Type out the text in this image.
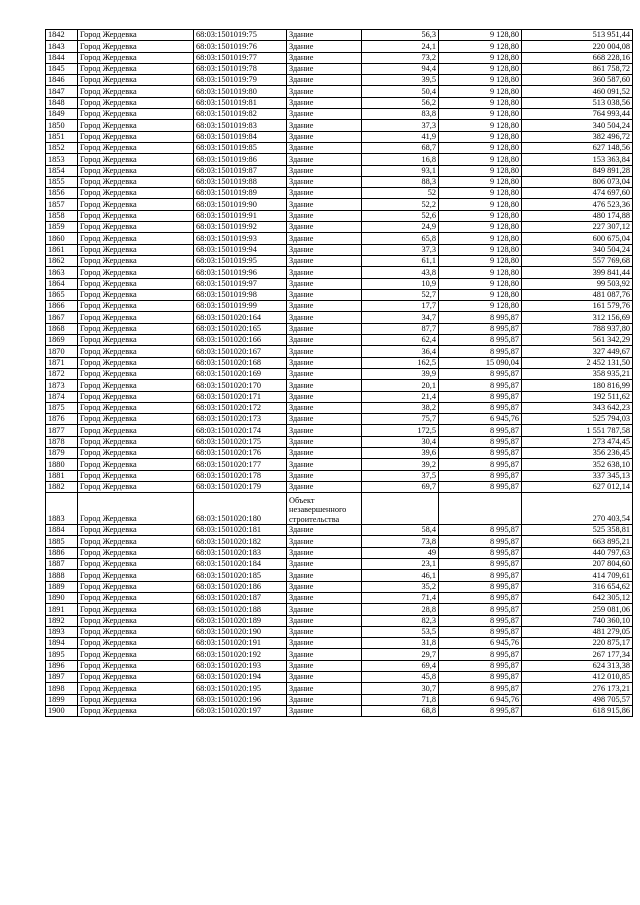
1842	Город Жердевка	68:03:1501019:75	Здание	56,3	9 128,80	513 951,44
1843	Город Жердевка	68:03:1501019:76	Здание	24,1	9 128,80	220 004,08
1844	Город Жердевка	68:03:1501019:77	Здание	73,2	9 128,80	668 228,16
1845	Город Жердевка	68:03:1501019:78	Здание	94,4	9 128,80	861 758,72
1846	Город Жердевка	68:03:1501019:79	Здание	39,5	9 128,80	360 587,60
1847	Город Жердевка	68:03:1501019:80	Здание	50,4	9 128,80	460 091,52
1848	Город Жердевка	68:03:1501019:81	Здание	56,2	9 128,80	513 038,56
1849	Город Жердевка	68:03:1501019:82	Здание	83,8	9 128,80	764 993,44
1850	Город Жердевка	68:03:1501019:83	Здание	37,3	9 128,80	340 504,24
1851	Город Жердевка	68:03:1501019:84	Здание	41,9	9 128,80	382 496,72
1852	Город Жердевка	68:03:1501019:85	Здание	68,7	9 128,80	627 148,56
1853	Город Жердевка	68:03:1501019:86	Здание	16,8	9 128,80	153 363,84
1854	Город Жердевка	68:03:1501019:87	Здание	93,1	9 128,80	849 891,28
1855	Город Жердевка	68:03:1501019:88	Здание	88,3	9 128,80	806 073,04
1856	Город Жердевка	68:03:1501019:89	Здание	52	9 128,80	474 697,60
1857	Город Жердевка	68:03:1501019:90	Здание	52,2	9 128,80	476 523,36
1858	Город Жердевка	68:03:1501019:91	Здание	52,6	9 128,80	480 174,88
1859	Город Жердевка	68:03:1501019:92	Здание	24,9	9 128,80	227 307,12
1860	Город Жердевка	68:03:1501019:93	Здание	65,8	9 128,80	600 675,04
1861	Город Жердевка	68:03:1501019:94	Здание	37,3	9 128,80	340 504,24
1862	Город Жердевка	68:03:1501019:95	Здание	61,1	9 128,80	557 769,68
1863	Город Жердевка	68:03:1501019:96	Здание	43,8	9 128,80	399 841,44
1864	Город Жердевка	68:03:1501019:97	Здание	10,9	9 128,80	99 503,92
1865	Город Жердевка	68:03:1501019:98	Здание	52,7	9 128,80	481 087,76
1866	Город Жердевка	68:03:1501019:99	Здание	17,7	9 128,80	161 579,76
1867	Город Жердевка	68:03:1501020:164	Здание	34,7	8 995,87	312 156,69
1868	Город Жердевка	68:03:1501020:165	Здание	87,7	8 995,87	788 937,80
1869	Город Жердевка	68:03:1501020:166	Здание	62,4	8 995,87	561 342,29
1870	Город Жердевка	68:03:1501020:167	Здание	36,4	8 995,87	327 449,67
1871	Город Жердевка	68:03:1501020:168	Здание	162,5	15 090,04	2 452 131,50
1872	Город Жердевка	68:03:1501020:169	Здание	39,9	8 995,87	358 935,21
1873	Город Жердевка	68:03:1501020:170	Здание	20,1	8 995,87	180 816,99
1874	Город Жердевка	68:03:1501020:171	Здание	21,4	8 995,87	192 511,62
1875	Город Жердевка	68:03:1501020:172	Здание	38,2	8 995,87	343 642,23
1876	Город Жердевка	68:03:1501020:173	Здание	75,7	6 945,76	525 794,03
1877	Город Жердевка	68:03:1501020:174	Здание	172,5	8 995,87	1 551 787,58
1878	Город Жердевка	68:03:1501020:175	Здание	30,4	8 995,87	273 474,45
1879	Город Жердевка	68:03:1501020:176	Здание	39,6	8 995,87	356 236,45
1880	Город Жердевка	68:03:1501020:177	Здание	39,2	8 995,87	352 638,10
1881	Город Жердевка	68:03:1501020:178	Здание	37,5	8 995,87	337 345,13
1882	Город Жердевка	68:03:1501020:179	Здание	69,7	8 995,87	627 012,14
1883	Город Жердевка	68:03:1501020:180	Объект незавершенного строительства			270 403,54
1884	Город Жердевка	68:03:1501020:181	Здание	58,4	8 995,87	525 358,81
1885	Город Жердевка	68:03:1501020:182	Здание	73,8	8 995,87	663 895,21
1886	Город Жердевка	68:03:1501020:183	Здание	49	8 995,87	440 797,63
1887	Город Жердевка	68:03:1501020:184	Здание	23,1	8 995,87	207 804,60
1888	Город Жердевка	68:03:1501020:185	Здание	46,1	8 995,87	414 709,61
1889	Город Жердевка	68:03:1501020:186	Здание	35,2	8 995,87	316 654,62
1890	Город Жердевка	68:03:1501020:187	Здание	71,4	8 995,87	642 305,12
1891	Город Жердевка	68:03:1501020:188	Здание	28,8	8 995,87	259 081,06
1892	Город Жердевка	68:03:1501020:189	Здание	82,3	8 995,87	740 360,10
1893	Город Жердевка	68:03:1501020:190	Здание	53,5	8 995,87	481 279,05
1894	Город Жердевка	68:03:1501020:191	Здание	31,8	6 945,76	220 875,17
1895	Город Жердевка	68:03:1501020:192	Здание	29,7	8 995,87	267 177,34
1896	Город Жердевка	68:03:1501020:193	Здание	69,4	8 995,87	624 313,38
1897	Город Жердевка	68:03:1501020:194	Здание	45,8	8 995,87	412 010,85
1898	Город Жердевка	68:03:1501020:195	Здание	30,7	8 995,87	276 173,21
1899	Город Жердевка	68:03:1501020:196	Здание	71,8	6 945,76	498 705,57
1900	Город Жердевка	68:03:1501020:197	Здание	68,8	8 995,87	618 915,86
